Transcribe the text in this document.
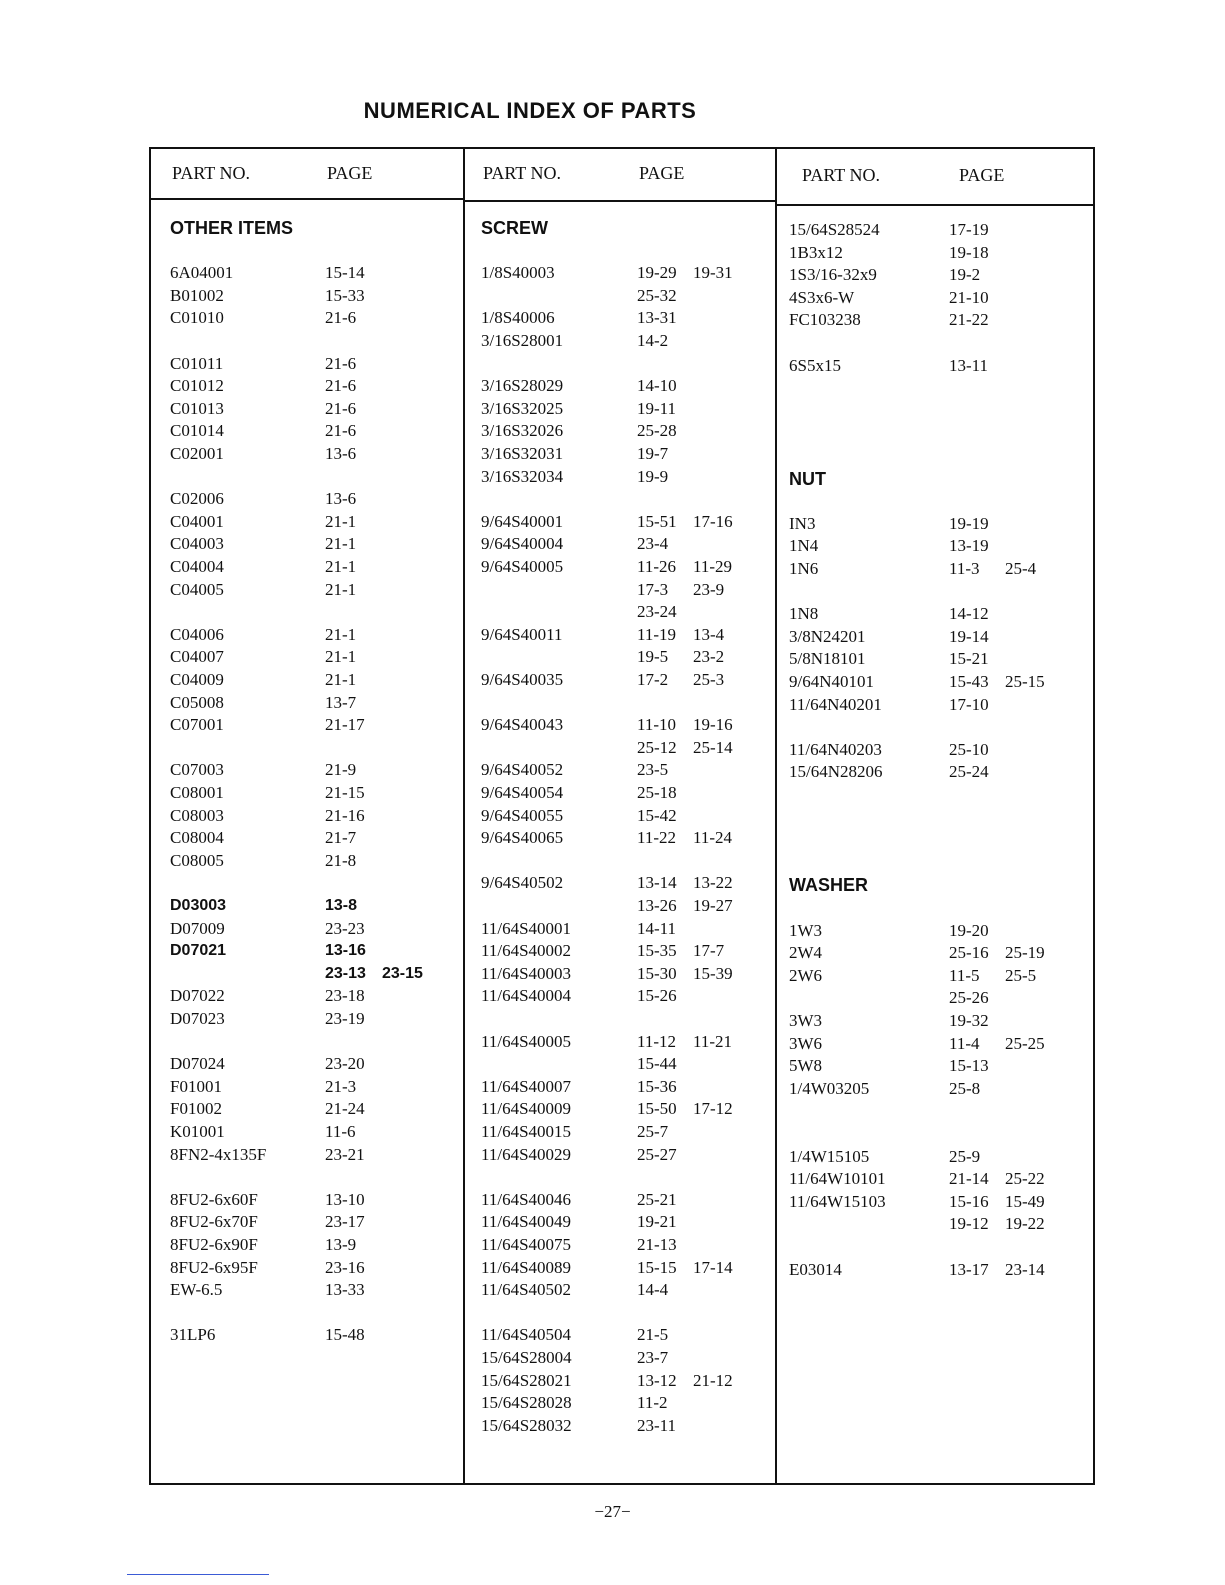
NUMERICAL INDEX OF PARTS
PART NO.	PAGE
OTHER ITEMS
6A04001	15-14
B01002	15-33
C01010	21-6
C01011	21-6
C01012	21-6
C01013	21-6
C01014	21-6
C02001	13-6
C02006	13-6
C04001	21-1
C04003	21-1
C04004	21-1
C04005	21-1
C04006	21-1
C04007	21-1
C04009	21-1
C05008	13-7
C07001	21-17
C07003	21-9
C08001	21-15
C08003	21-16
C08004	21-7
C08005	21-8
D03003	13-8
D07009	23-23
D07021	13-16
23-13 23-15
D07022	23-18
D07023	23-19
D07024	23-20
F01001	21-3
F01002	21-24
K01001	11-6
8FN2-4x135F	23-21
8FU2-6x60F	13-10
8FU2-6x70F	23-17
8FU2-6x90F	13-9
8FU2-6x95F	23-16
EW-6.5	13-33
31LP6	15-48
PART NO.	PAGE
SCREW
1/8S40003	19-29 19-31
25-32
1/8S40006	13-31
3/16S28001	14-2
3/16S28029	14-10
3/16S32025	19-11
3/16S32026	25-28
3/16S32031	19-7
3/16S32034	19-9
9/64S40001	15-51 17-16
9/64S40004	23-4
9/64S40005	11-26 11-29
17-3 23-9
23-24
9/64S40011	11-19 13-4
19-5 23-2
9/64S40035	17-2 25-3
9/64S40043	11-10 19-16
25-12 25-14
9/64S40052	23-5
9/64S40054	25-18
9/64S40055	15-42
9/64S40065	11-22 11-24
9/64S40502	13-14 13-22
13-26 19-27
11/64S40001	14-11
11/64S40002	15-35 17-7
11/64S40003	15-30 15-39
11/64S40004	15-26
11/64S40005	11-12 11-21
15-44
11/64S40007	15-36
11/64S40009	15-50 17-12
11/64S40015	25-7
11/64S40029	25-27
11/64S40046	25-21
11/64S40049	19-21
11/64S40075	21-13
11/64S40089	15-15 17-14
11/64S40502	14-4
11/64S40504	21-5
15/64S28004	23-7
15/64S28021	13-12 21-12
15/64S28028	11-2
15/64S28032	23-11
PART NO.	PAGE
15/64S28524	17-19
1B3x12	19-18
1S3/16-32x9	19-2
4S3x6-W	21-10
FC103238	21-22
6S5x15	13-11
NUT
IN3	19-19
1N4	13-19
1N6	11-3 25-4
1N8	14-12
3/8N24201	19-14
5/8N18101	15-21
9/64N40101	15-43 25-15
11/64N40201	17-10
11/64N40203	25-10
15/64N28206	25-24
WASHER
1W3	19-20
2W4	25-16 25-19
2W6	11-5 25-5
25-26
3W3	19-32
3W6	11-4 25-25
5W8	15-13
1/4W03205	25-8
1/4W15105	25-9
11/64W10101	21-14 25-22
11/64W15103	15-16 15-49
19-12 19-22
E03014	13-17 23-14
−27−
